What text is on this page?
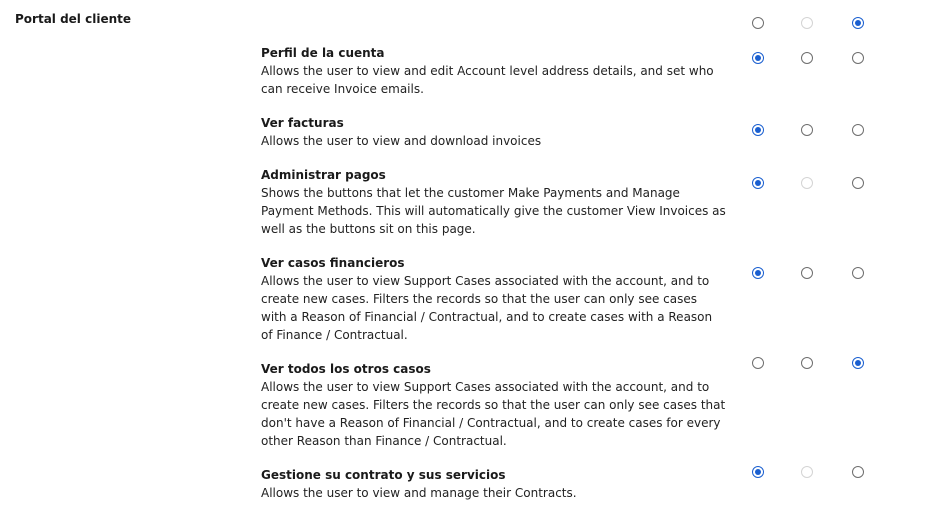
Portal del cliente
Perfil de la cuenta
Allows the user to view and edit Account level address details, and set who can receive Invoice emails.
Ver facturas
Allows the user to view and download invoices
Administrar pagos
Shows the buttons that let the customer Make Payments and Manage Payment Methods. This will automatically give the customer View Invoices as well as the buttons sit on this page.
Ver casos financieros
Allows the user to view Support Cases associated with the account, and to create new cases. Filters the records so that the user can only see cases with a Reason of Financial / Contractual, and to create cases with a Reason of Finance / Contractual.
Ver todos los otros casos
Allows the user to view Support Cases associated with the account, and to create new cases. Filters the records so that the user can only see cases that don't have a Reason of Financial / Contractual, and to create cases for every other Reason than Finance / Contractual.
Gestione su contrato y sus servicios
Allows the user to view and manage their Contracts.
